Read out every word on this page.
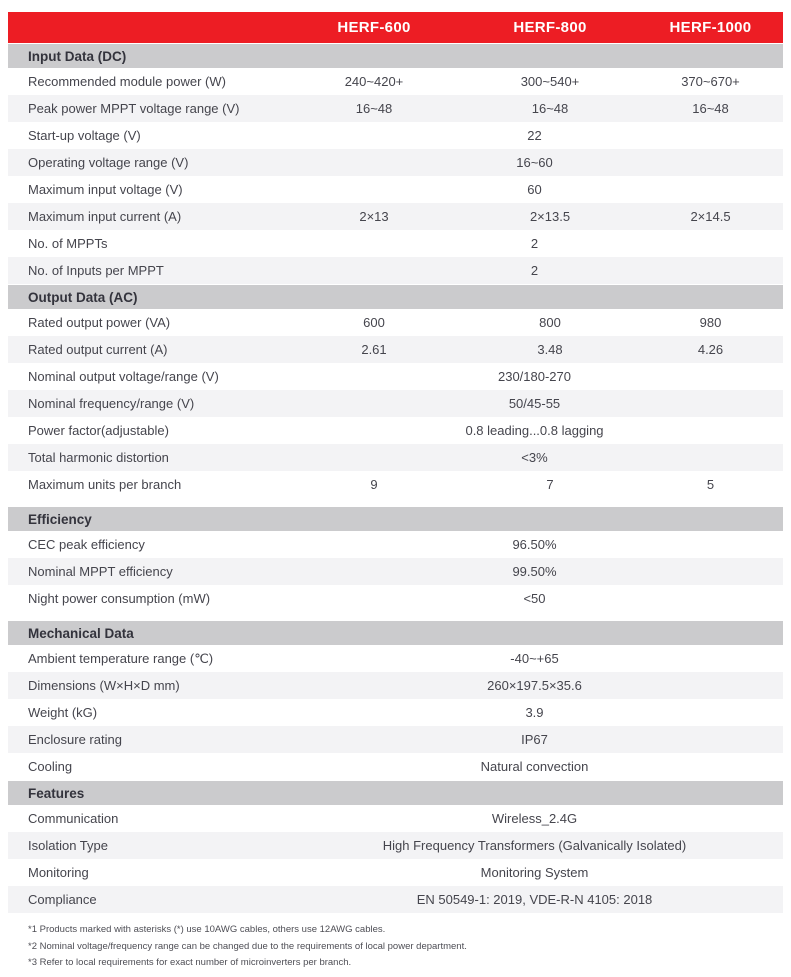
HERF-600	HERF-800	HERF-1000
Input Data (DC)
Recommended module power (W)	240~420+	300~540+	370~670+
Peak power MPPT voltage range (V)	16~48	16~48	16~48
Start-up voltage (V)	22
Operating voltage range (V)	16~60
Maximum input voltage (V)	60
Maximum input current (A)	2×13	2×13.5	2×14.5
No. of MPPTs	2
No. of Inputs per MPPT	2
Output Data (AC)
Rated output power (VA)	600	800	980
Rated output current (A)	2.61	3.48	4.26
Nominal output voltage/range (V)	230/180-270
Nominal frequency/range (V)	50/45-55
Power factor(adjustable)	0.8 leading...0.8 lagging
Total harmonic distortion	<3%
Maximum units per branch	9	7	5
Efficiency
CEC peak efficiency	96.50%
Nominal MPPT efficiency	99.50%
Night power consumption (mW)	<50
Mechanical Data
Ambient temperature range (℃)	-40~+65
Dimensions (W×H×D mm)	260×197.5×35.6
Weight (kG)	3.9
Enclosure rating	IP67
Cooling	Natural convection
Features
Communication	Wireless_2.4G
Isolation Type	High Frequency Transformers (Galvanically Isolated)
Monitoring	Monitoring System
Compliance	EN 50549-1: 2019, VDE-R-N 4105: 2018
*1 Products marked with asterisks (*) use 10AWG cables, others use 12AWG cables.
*2 Nominal voltage/frequency range can be changed due to the requirements of local power department.
*3 Refer to local requirements for exact number of microinverters per branch.
